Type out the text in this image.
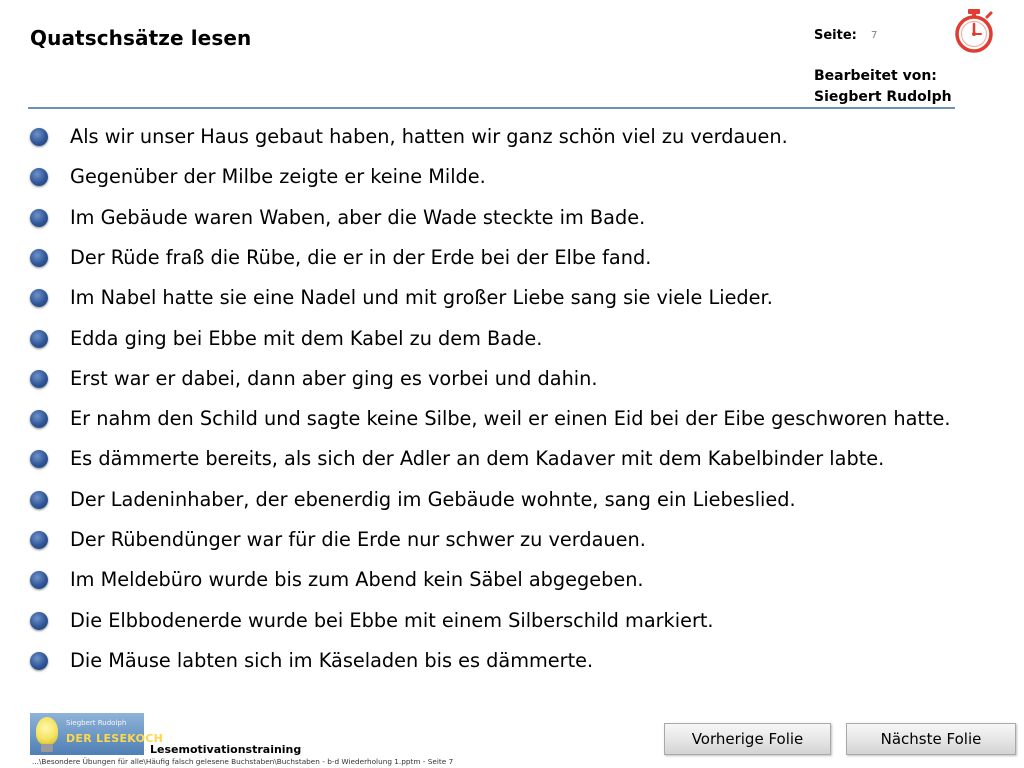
Quatschsätze lesen	Seite: 7
Bearbeitet von:
Siegbert Rudolph
Als wir unser Haus gebaut haben, hatten wir ganz schön viel zu verdauen.
Gegenüber der Milbe zeigte er keine Milde.
Im Gebäude waren Waben, aber die Wade steckte im Bade.
Der Rüde fraß die Rübe, die er in der Erde bei der Elbe fand.
Im Nabel hatte sie eine Nadel und mit großer Liebe sang sie viele Lieder.
Edda ging bei Ebbe mit dem Kabel zu dem Bade.
Erst war er dabei, dann aber ging es vorbei und dahin.
Er nahm den Schild und sagte keine Silbe, weil er einen Eid bei der Eibe geschworen hatte.
Es dämmerte bereits, als sich der Adler an dem Kadaver mit dem Kabelbinder labte.
Der Ladeninhaber, der ebenerdig im Gebäude wohnte, sang ein Liebeslied.
Der Rübendünger war für die Erde nur schwer zu verdauen.
Im Meldebüro wurde bis zum Abend kein Säbel abgegeben.
Die Elbbodenerde wurde bei Ebbe mit einem Silberschild markiert.
Die Mäuse labten sich im Käseladen bis es dämmerte.
Siegbert Rudolph
DER LESEKOCH
Lesemotivationstraining
...\Besondere Übungen für alle\Häufig falsch gelesene Buchstaben\Buchstaben - b-d Wiederholung 1.pptm - Seite 7
Vorherige Folie	Nächste Folie
